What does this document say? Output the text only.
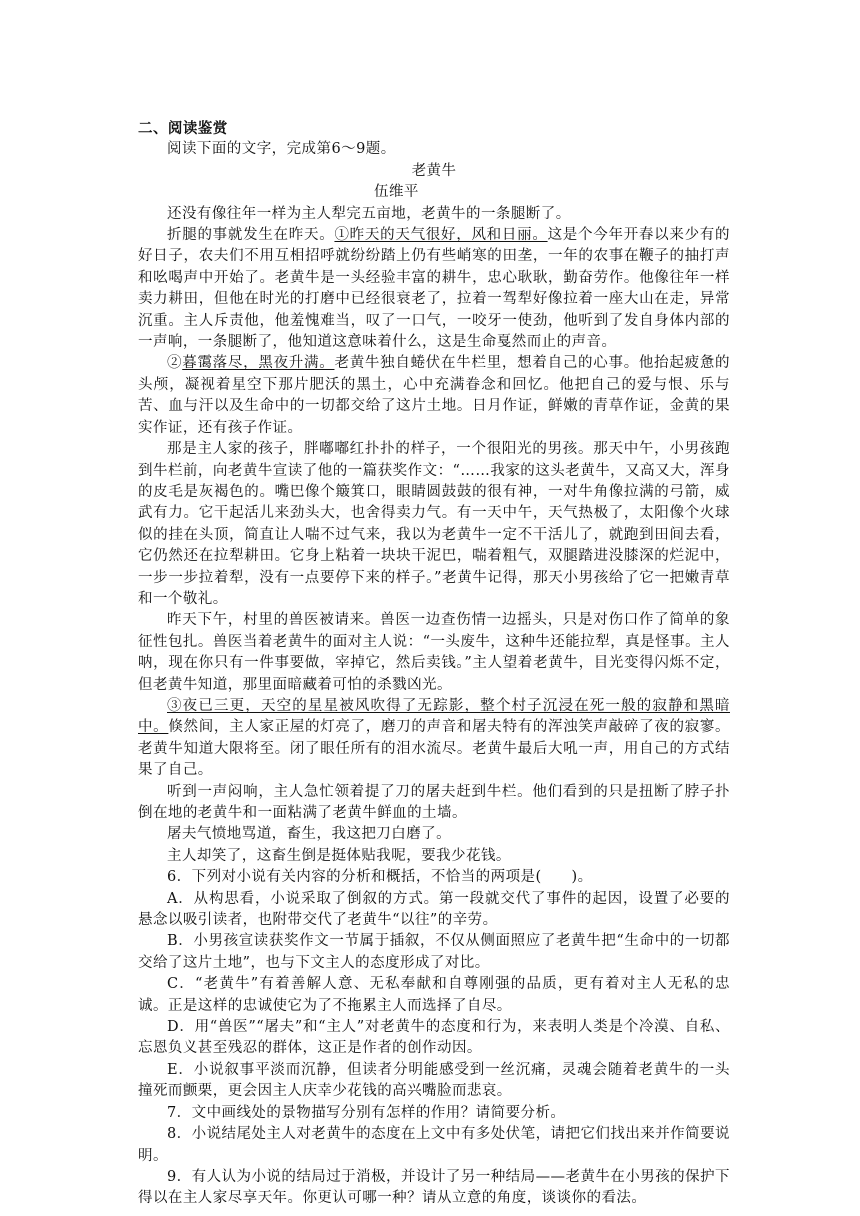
二、阅读鉴赏

阅读下面的文字，完成第6～9题。

老黄牛

伍维平

还没有像往年一样为主人犁完五亩地，老黄牛的一条腿断了。

折腿的事就发生在昨天。①昨天的天气很好，风和日丽。这是个今年开春以来少有的好日子，农夫们不用互相招呼就纷纷踏上仍有些峭寒的田垄，一年的农事在鞭子的抽打声和吆喝声中开始了。老黄牛是一头经验丰富的耕牛，忠心耿耿，勤奋劳作。他像往年一样卖力耕田，但他在时光的打磨中已经很衰老了，拉着一驾犁好像拉着一座大山在走，异常沉重。主人斥责他，他羞愧难当，叹了一口气，一咬牙一使劲，他听到了发自身体内部的一声响，一条腿断了，他知道这意味着什么，这是生命戛然而止的声音。

②暮霭落尽，黑夜升满。老黄牛独自蜷伏在牛栏里，想着自己的心事。他抬起疲惫的头颅，凝视着星空下那片肥沃的黑土，心中充满眷念和回忆。他把自己的爱与恨、乐与苦、血与汗以及生命中的一切都交给了这片土地。日月作证，鲜嫩的青草作证，金黄的果实作证，还有孩子作证。

那是主人家的孩子，胖嘟嘟红扑扑的样子，一个很阳光的男孩。那天中午，小男孩跑到牛栏前，向老黄牛宣读了他的一篇获奖作文：“……我家的这头老黄牛，又高又大，浑身的皮毛是灰褐色的。嘴巴像个簸箕口，眼睛圆鼓鼓的很有神，一对牛角像拉满的弓箭，威武有力。它干起活儿来劲头大，也舍得卖力气。有一天中午，天气热极了，太阳像个火球似的挂在头顶，简直让人喘不过气来，我以为老黄牛一定不干活儿了，就跑到田间去看，它仍然还在拉犁耕田。它身上粘着一块块干泥巴，喘着粗气，双腿踏进没膝深的烂泥中，一步一步拉着犁，没有一点要停下来的样子。”老黄牛记得，那天小男孩给了它一把嫩青草和一个敬礼。

昨天下午，村里的兽医被请来。兽医一边查伤情一边摇头，只是对伤口作了简单的象征性包扎。兽医当着老黄牛的面对主人说：“一头废牛，这种牛还能拉犁，真是怪事。主人呐，现在你只有一件事要做，宰掉它，然后卖钱。”主人望着老黄牛，目光变得闪烁不定，但老黄牛知道，那里面暗藏着可怕的杀戮凶光。

③夜已三更，天空的星星被风吹得了无踪影，整个村子沉浸在死一般的寂静和黑暗中。倏然间，主人家正屋的灯亮了，磨刀的声音和屠夫特有的浑浊笑声敲碎了夜的寂寥。老黄牛知道大限将至。闭了眼任所有的泪水流尽。老黄牛最后大吼一声，用自己的方式结果了自己。

听到一声闷响，主人急忙领着提了刀的屠夫赶到牛栏。他们看到的只是扭断了脖子扑倒在地的老黄牛和一面粘满了老黄牛鲜血的土墙。

屠夫气愤地骂道，畜生，我这把刀白磨了。

主人却笑了，这畜生倒是挺体贴我呢，要我少花钱。

6．下列对小说有关内容的分析和概括，不恰当的两项是(　　)。

A．从构思看，小说采取了倒叙的方式。第一段就交代了事件的起因，设置了必要的悬念以吸引读者，也附带交代了老黄牛“以往”的辛劳。

B．小男孩宣读获奖作文一节属于插叙，不仅从侧面照应了老黄牛把“生命中的一切都交给了这片土地”，也与下文主人的态度形成了对比。

C．“老黄牛”有着善解人意、无私奉献和自尊刚强的品质，更有着对主人无私的忠诚。正是这样的忠诚使它为了不拖累主人而选择了自尽。

D．用“兽医”“屠夫”和“主人”对老黄牛的态度和行为，来表明人类是个冷漠、自私、忘恩负义甚至残忍的群体，这正是作者的创作动因。

E．小说叙事平淡而沉静，但读者分明能感受到一丝沉痛，灵魂会随着老黄牛的一头撞死而颤栗，更会因主人庆幸少花钱的高兴嘴脸而悲哀。

7．文中画线处的景物描写分别有怎样的作用？请简要分析。

8．小说结尾处主人对老黄牛的态度在上文中有多处伏笔，请把它们找出来并作简要说明。

9．有人认为小说的结局过于消极，并设计了另一种结局——老黄牛在小男孩的保护下得以在主人家尽享天年。你更认可哪一种？请从立意的角度，谈谈你的看法。
